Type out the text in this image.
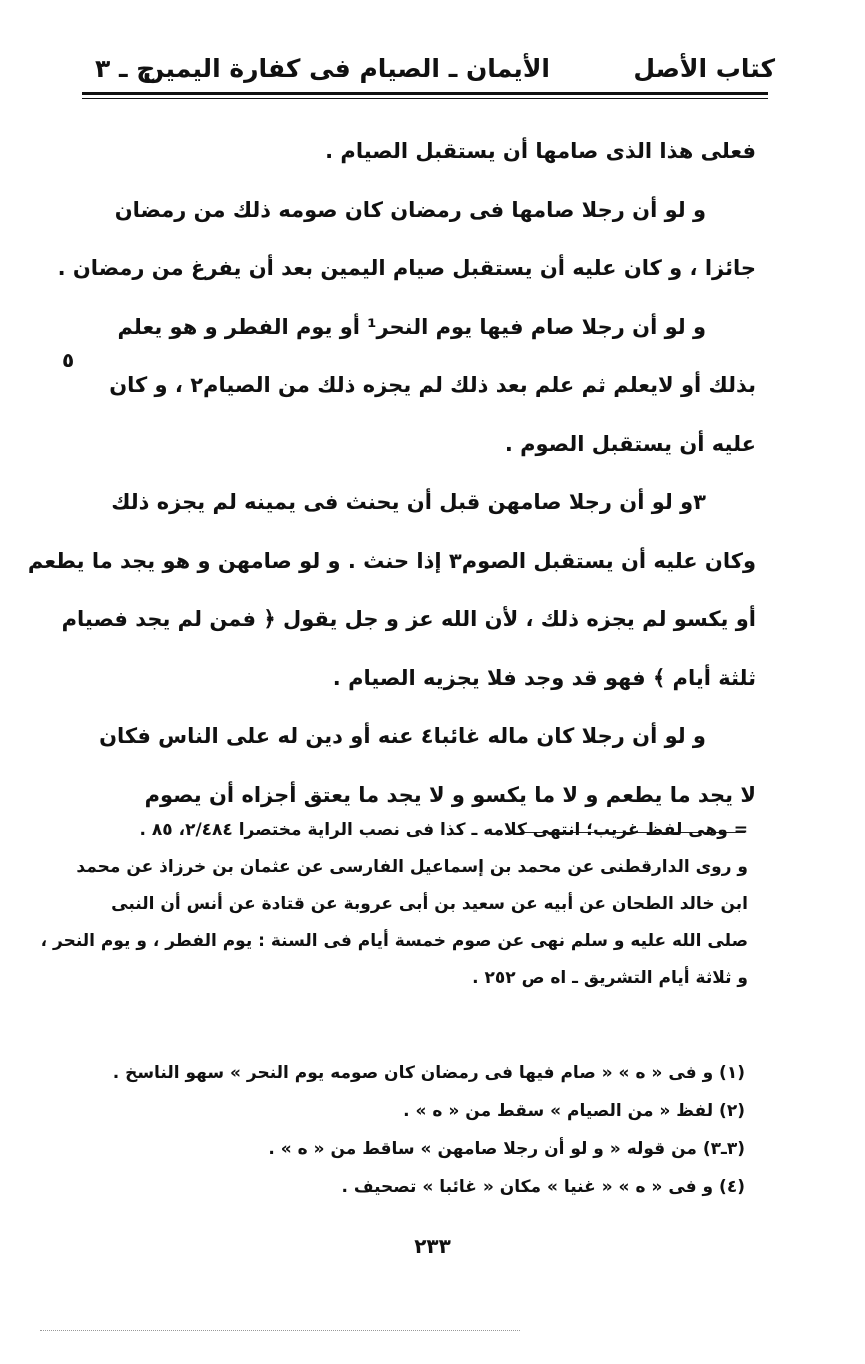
كتاب الأصل
الأيمان ـ الصيام فى كفارة اليمين
ج ـ ٣
فعلى هذا الذى صامها أن يستقبل الصيام .
و لو أن رجلا صامها فى رمضان كان صومه ذلك من رمضان
جائزا ، و كان عليه أن يستقبل صيام اليمين بعد أن يفرغ من رمضان .
و لو أن رجلا صام فيها يوم النحر¹ أو يوم الفطر و هو يعلم
بذلك أو لايعلم ثم علم بعد ذلك لم يجزه ذلك من الصيام٢ ، و كان
عليه أن يستقبل الصوم .
٣و لو أن رجلا صامهن قبل أن يحنث فى يمينه لم يجزه ذلك
وكان عليه أن يستقبل الصوم٣ إذا حنث . و لو صامهن و هو يجد ما يطعم
أو يكسو لم يجزه ذلك ، لأن الله عز و جل يقول ﴿ فمن لم يجد فصيام
ثلثة أيام ﴾ فهو قد وجد فلا يجزيه الصيام .
و لو أن رجلا كان ماله غائبا٤ عنه أو دين له على الناس فكان
لا يجد ما يطعم و لا ما يكسو و لا يجد ما يعتق أجزاه أن يصوم
٥
= وهى لفظ غريب؛ انتهى كلامه ـ كذا فى نصب الراية مختصرا ٢/٤٨٤، ٨٥ .
و روى الدارقطنى عن محمد بن إسماعيل الفارسى عن عثمان بن خرزاذ عن محمد
ابن خالد الطحان عن أبيه عن سعيد بن أبى عروبة عن قتادة عن أنس أن النبى
صلى الله عليه و سلم نهى عن صوم خمسة أيام فى السنة : يوم الفطر ، و يوم النحر ،
و ثلاثة أيام التشريق ـ اه ص ٢٥٢ .
(١) و فى « ه » « صام فيها فى رمضان كان صومه يوم النحر » سهو الناسخ .
(٢) لفظ « من الصيام » سقط من « ه » .
(٣ـ٣) من قوله « و لو أن رجلا صامهن » ساقط من « ه » .
(٤) و فى « ه » « غنيا » مكان « غائبا » تصحيف .
٢٣٣
